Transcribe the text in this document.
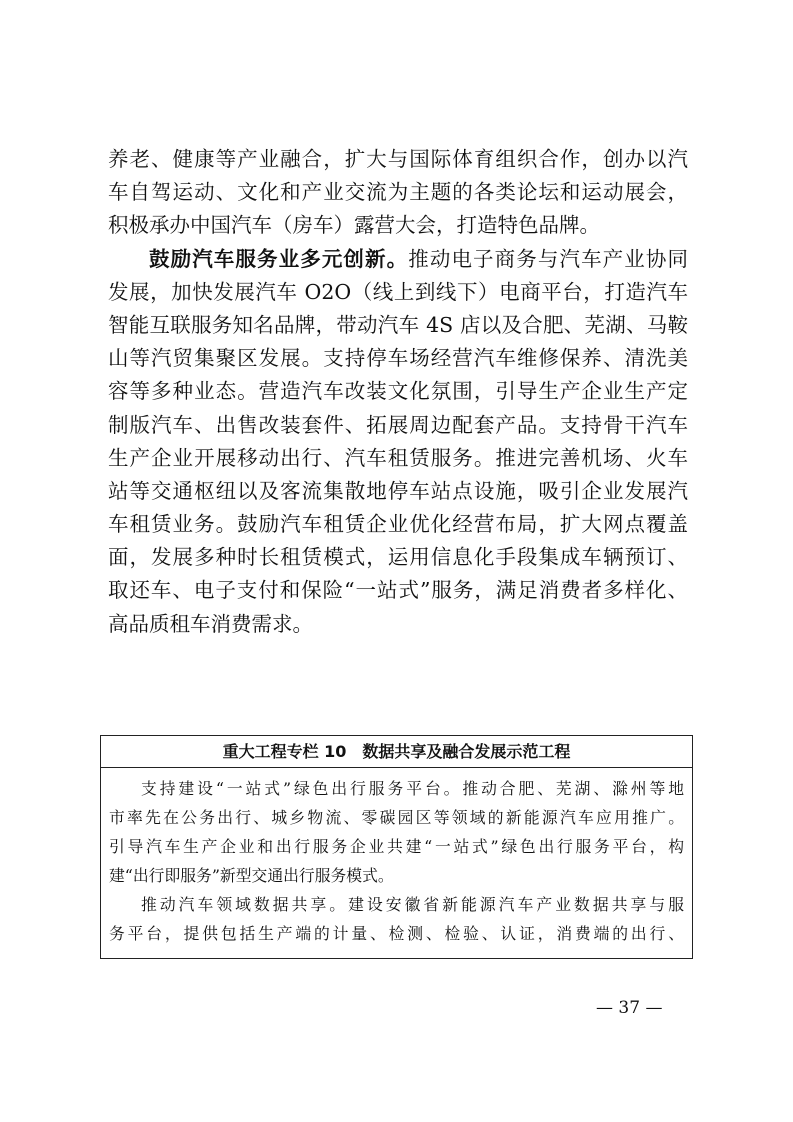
养老、健康等产业融合，扩大与国际体育组织合作，创办以汽
车自驾运动、文化和产业交流为主题的各类论坛和运动展会，
积极承办中国汽车（房车）露营大会，打造特色品牌。
鼓励汽车服务业多元创新。推动电子商务与汽车产业协同
发展，加快发展汽车 O2O（线上到线下）电商平台，打造汽车
智能互联服务知名品牌，带动汽车 4S 店以及合肥、芜湖、马鞍
山等汽贸集聚区发展。支持停车场经营汽车维修保养、清洗美
容等多种业态。营造汽车改装文化氛围，引导生产企业生产定
制版汽车、出售改装套件、拓展周边配套产品。支持骨干汽车
生产企业开展移动出行、汽车租赁服务。推进完善机场、火车
站等交通枢纽以及客流集散地停车站点设施，吸引企业发展汽
车租赁业务。鼓励汽车租赁企业优化经营布局，扩大网点覆盖
面，发展多种时长租赁模式，运用信息化手段集成车辆预订、
取还车、电子支付和保险“一站式”服务，满足消费者多样化、
高品质租车消费需求。
重大工程专栏 10　数据共享及融合发展示范工程
支持建设“一站式”绿色出行服务平台。推动合肥、芜湖、滁州等地
市率先在公务出行、城乡物流、零碳园区等领域的新能源汽车应用推广。
引导汽车生产企业和出行服务企业共建“一站式”绿色出行服务平台，构
建“出行即服务”新型交通出行服务模式。
推动汽车领域数据共享。建设安徽省新能源汽车产业数据共享与服
务平台，提供包括生产端的计量、检测、检验、认证，消费端的出行、
— 37 —
